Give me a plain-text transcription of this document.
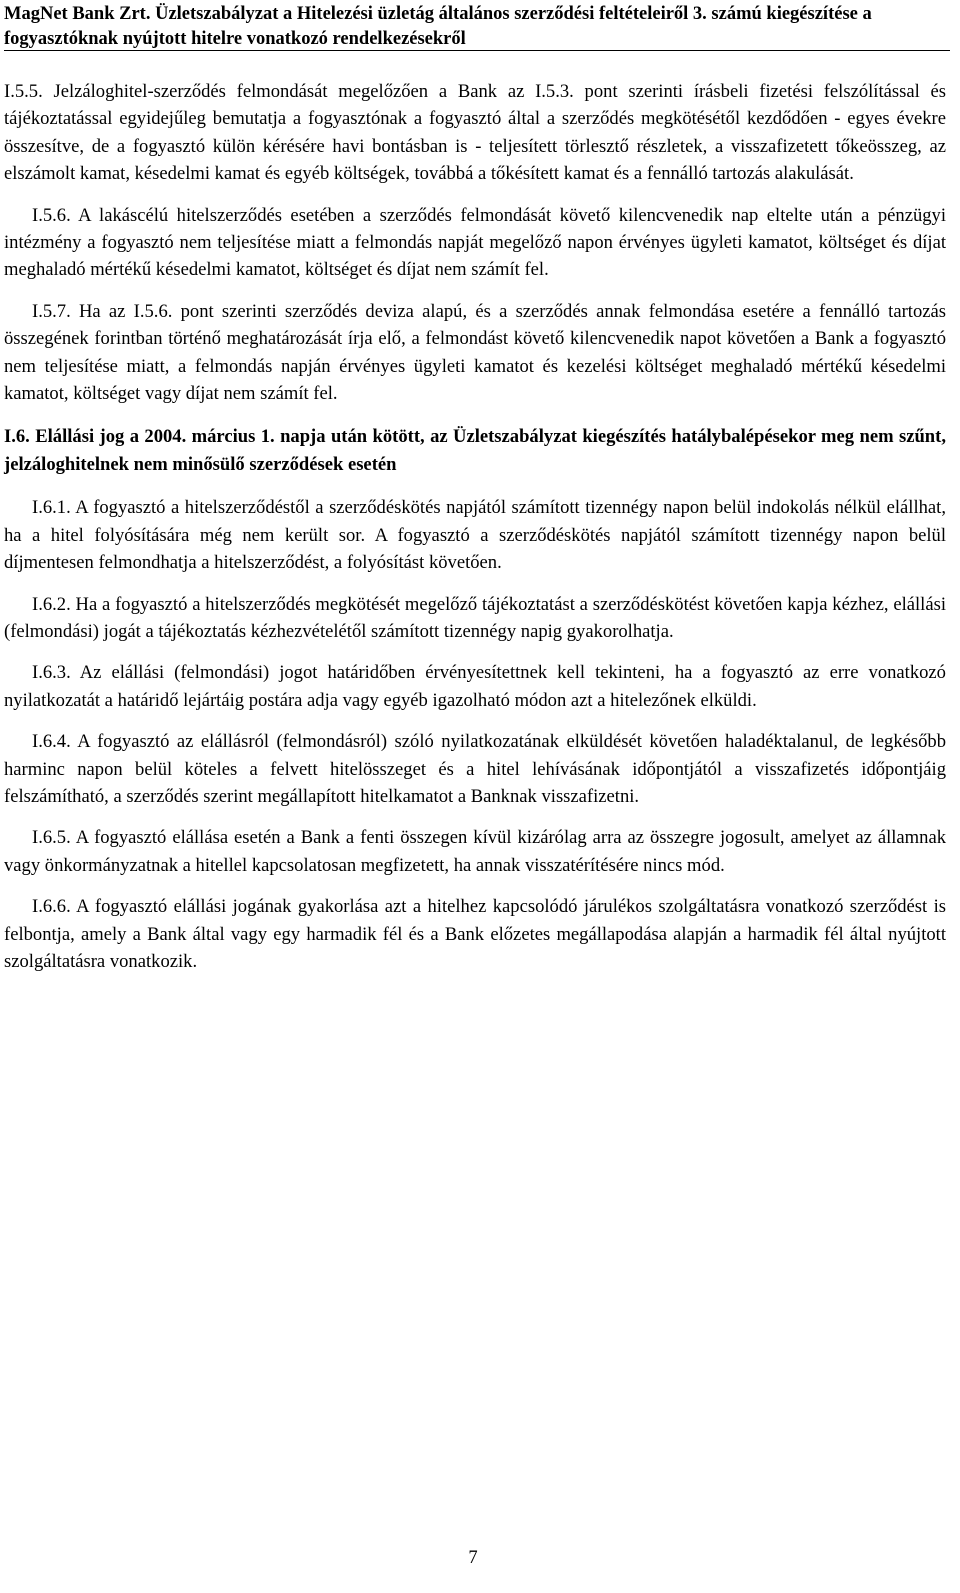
MagNet Bank Zrt. Üzletszabályzat a Hitelezési üzletág általános szerződési feltételeiről 3. számú kiegészítése a fogyasztóknak nyújtott hitelre vonatkozó rendelkezésekről

I.5.5. Jelzáloghitel-szerződés felmondását megelőzően a Bank az I.5.3. pont szerinti írásbeli fizetési felszólítással és tájékoztatással egyidejűleg bemutatja a fogyasztónak a fogyasztó által a szerződés megkötésétől kezdődően - egyes évekre összesítve, de a fogyasztó külön kérésére havi bontásban is - teljesített törlesztő részletek, a visszafizetett tőkeösszeg, az elszámolt kamat, késedelmi kamat és egyéb költségek, továbbá a tőkésített kamat és a fennálló tartozás alakulását.

I.5.6. A lakáscélú hitelszerződés esetében a szerződés felmondását követő kilencvenedik nap eltelte után a pénzügyi intézmény a fogyasztó nem teljesítése miatt a felmondás napját megelőző napon érvényes ügyleti kamatot, költséget és díjat meghaladó mértékű késedelmi kamatot, költséget és díjat nem számít fel.

I.5.7. Ha az I.5.6. pont szerinti szerződés deviza alapú, és a szerződés annak felmondása esetére a fennálló tartozás összegének forintban történő meghatározását írja elő, a felmondást követő kilencvenedik napot követően a Bank a fogyasztó nem teljesítése miatt, a felmondás napján érvényes ügyleti kamatot és kezelési költséget meghaladó mértékű késedelmi kamatot, költséget vagy díjat nem számít fel.

I.6. Elállási jog a 2004. március 1. napja után kötött, az Üzletszabályzat kiegészítés hatálybalépésekor meg nem szűnt, jelzáloghitelnek nem minősülő szerződések esetén

I.6.1. A fogyasztó a hitelszerződéstől a szerződéskötés napjától számított tizennégy napon belül indokolás nélkül elállhat, ha a hitel folyósítására még nem került sor. A fogyasztó a szerződéskötés napjától számított tizennégy napon belül díjmentesen felmondhatja a hitelszerződést, a folyósítást követően.

I.6.2. Ha a fogyasztó a hitelszerződés megkötését megelőző tájékoztatást a szerződéskötést követően kapja kézhez, elállási (felmondási) jogát a tájékoztatás kézhezvételétől számított tizennégy napig gyakorolhatja.

I.6.3. Az elállási (felmondási) jogot határidőben érvényesítettnek kell tekinteni, ha a fogyasztó az erre vonatkozó nyilatkozatát a határidő lejártáig postára adja vagy egyéb igazolható módon azt a hitelezőnek elküldi.

I.6.4. A fogyasztó az elállásról (felmondásról) szóló nyilatkozatának elküldését követően haladéktalanul, de legkésőbb harminc napon belül köteles a felvett hitelösszeget és a hitel lehívásának időpontjától a visszafizetés időpontjáig felszámítható, a szerződés szerint megállapított hitelkamatot a Banknak visszafizetni.

I.6.5. A fogyasztó elállása esetén a Bank a fenti összegen kívül kizárólag arra az összegre jogosult, amelyet az államnak vagy önkormányzatnak a hitellel kapcsolatosan megfizetett, ha annak visszatérítésére nincs mód.

I.6.6. A fogyasztó elállási jogának gyakorlása azt a hitelhez kapcsolódó járulékos szolgáltatásra vonatkozó szerződést is felbontja, amely a Bank által vagy egy harmadik fél és a Bank előzetes megállapodása alapján a harmadik fél által nyújtott szolgáltatásra vonatkozik.

7
